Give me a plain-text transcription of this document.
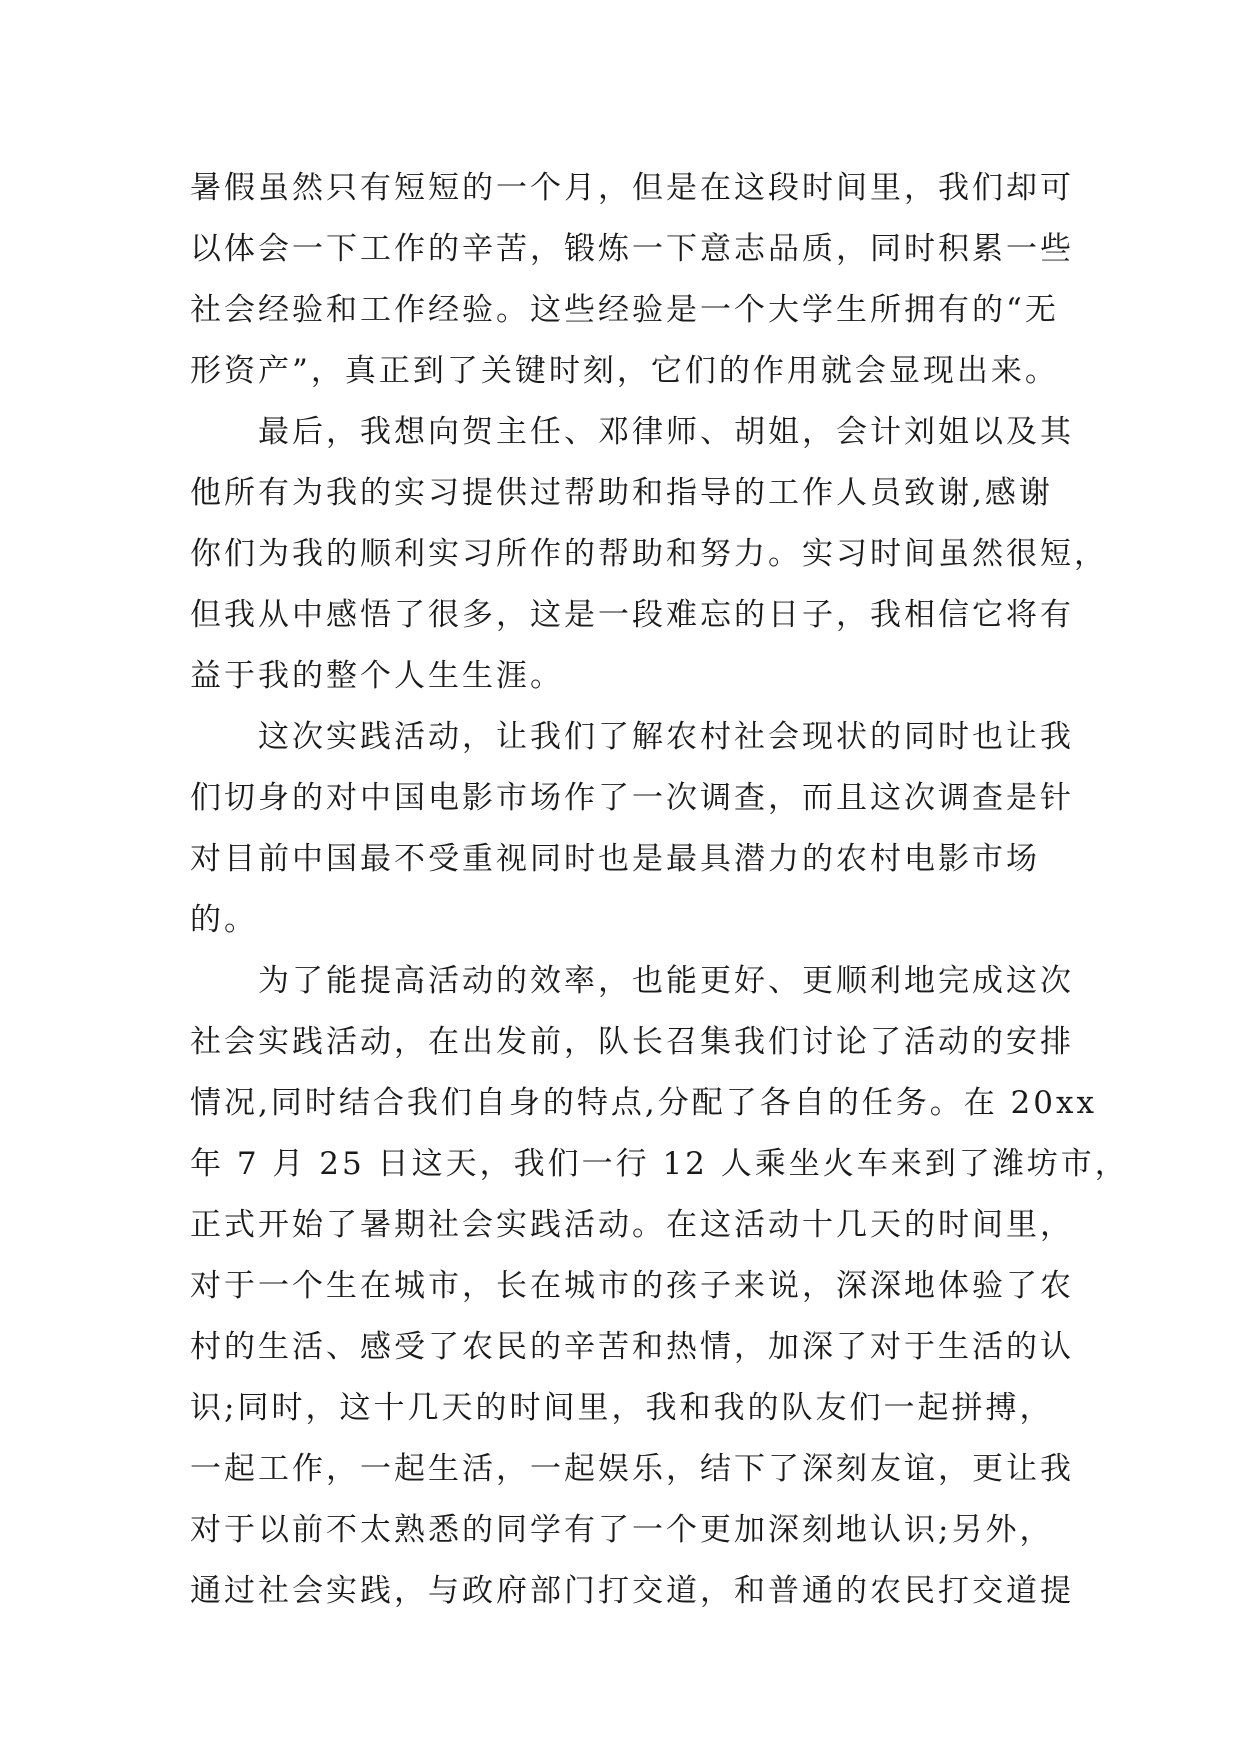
暑假虽然只有短短的一个月，但是在这段时间里，我们却可
以体会一下工作的辛苦，锻炼一下意志品质，同时积累一些
社会经验和工作经验。这些经验是一个大学生所拥有的“无
形资产”，真正到了关键时刻，它们的作用就会显现出来。
最后，我想向贺主任、邓律师、胡姐，会计刘姐以及其
他所有为我的实习提供过帮助和指导的工作人员致谢,感谢
你们为我的顺利实习所作的帮助和努力。实习时间虽然很短，
但我从中感悟了很多，这是一段难忘的日子，我相信它将有
益于我的整个人生生涯。
这次实践活动，让我们了解农村社会现状的同时也让我
们切身的对中国电影市场作了一次调查，而且这次调查是针
对目前中国最不受重视同时也是最具潜力的农村电影市场
的。
为了能提高活动的效率，也能更好、更顺利地完成这次
社会实践活动，在出发前，队长召集我们讨论了活动的安排
情况,同时结合我们自身的特点,分配了各自的任务。在 20xx
年 7 月 25 日这天，我们一行 12 人乘坐火车来到了潍坊市，
正式开始了暑期社会实践活动。在这活动十几天的时间里，
对于一个生在城市，长在城市的孩子来说，深深地体验了农
村的生活、感受了农民的辛苦和热情，加深了对于生活的认
识;同时，这十几天的时间里，我和我的队友们一起拼搏，
一起工作，一起生活，一起娱乐，结下了深刻友谊，更让我
对于以前不太熟悉的同学有了一个更加深刻地认识;另外，
通过社会实践，与政府部门打交道，和普通的农民打交道提
